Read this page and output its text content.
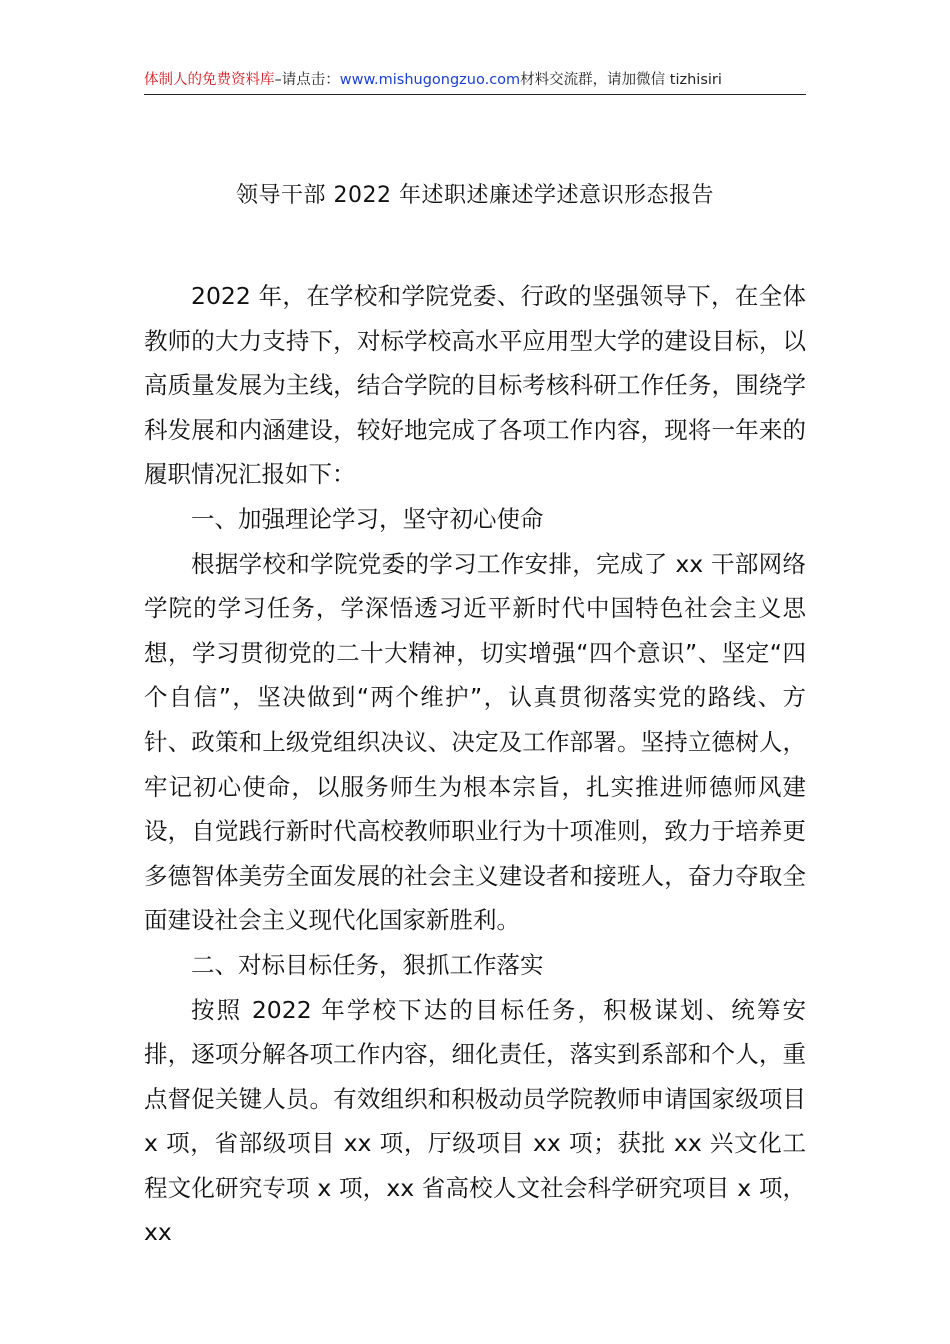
体制人的免费资料库–请点击：www.mishugongzuo.com材料交流群，请加微信 tizhisiri
领导干部 2022 年述职述廉述学述意识形态报告

2022 年，在学校和学院党委、行政的坚强领导下，在全体教师的大力支持下，对标学校高水平应用型大学的建设目标，以高质量发展为主线，结合学院的目标考核科研工作任务，围绕学科发展和内涵建设，较好地完成了各项工作内容，现将一年来的履职情况汇报如下：

一、加强理论学习，坚守初心使命

根据学校和学院党委的学习工作安排，完成了 xx 干部网络学院的学习任务，学深悟透习近平新时代中国特色社会主义思想，学习贯彻党的二十大精神，切实增强“四个意识”、坚定“四个自信”，坚决做到“两个维护”，认真贯彻落实党的路线、方针、政策和上级党组织决议、决定及工作部署。坚持立德树人，牢记初心使命，以服务师生为根本宗旨，扎实推进师德师风建设，自觉践行新时代高校教师职业行为十项准则，致力于培养更多德智体美劳全面发展的社会主义建设者和接班人，奋力夺取全面建设社会主义现代化国家新胜利。

二、对标目标任务，狠抓工作落实

按照 2022 年学校下达的目标任务，积极谋划、统筹安排，逐项分解各项工作内容，细化责任，落实到系部和个人，重点督促关键人员。有效组织和积极动员学院教师申请国家级项目 x 项，省部级项目 xx 项，厅级项目 xx 项；获批 xx 兴文化工程文化研究专项 x 项，xx 省高校人文社会科学研究项目 x 项，xx
